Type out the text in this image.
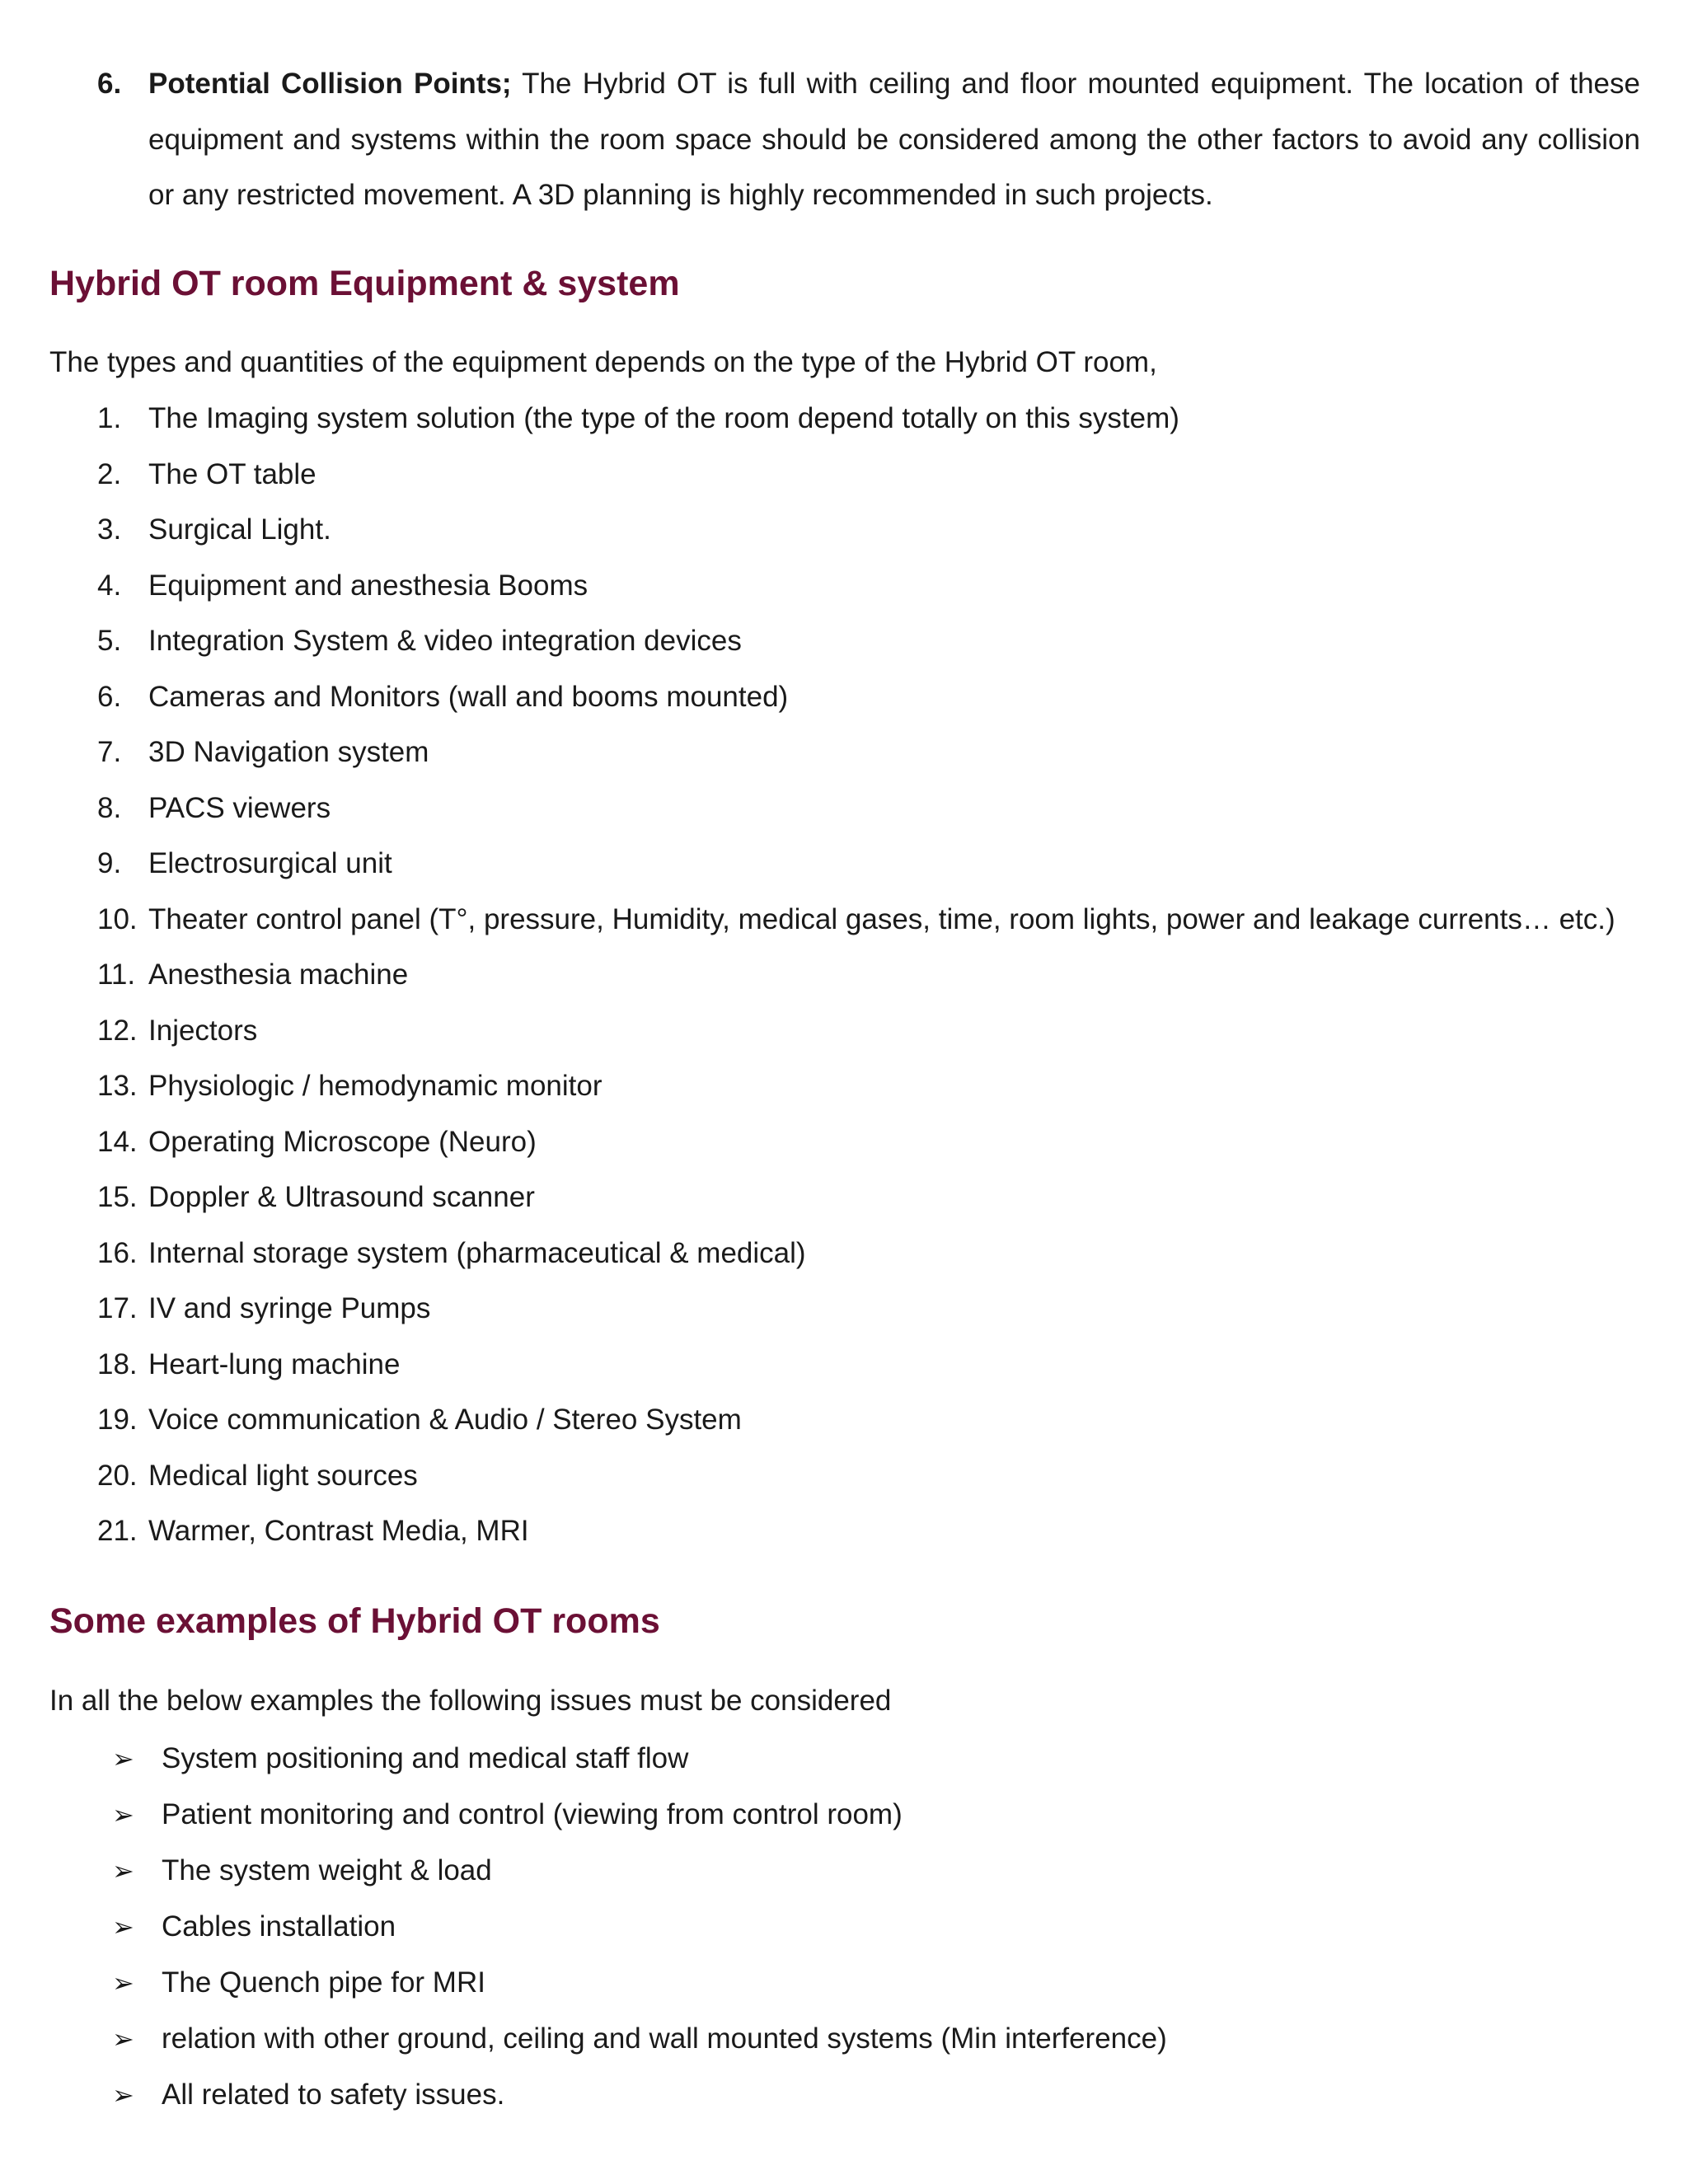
6. Potential Collision Points; The Hybrid OT is full with ceiling and floor mounted equipment. The location of these equipment and systems within the room space should be considered among the other factors to avoid any collision or any restricted movement. A 3D planning is highly recommended in such projects.
Hybrid OT room Equipment & system
The types and quantities of the equipment depends on the type of the Hybrid OT room,
1. The Imaging system solution (the type of the room depend totally on this system)
2. The OT table
3. Surgical Light.
4. Equipment and anesthesia Booms
5. Integration System & video integration devices
6. Cameras and Monitors (wall and booms mounted)
7. 3D Navigation system
8. PACS viewers
9. Electrosurgical unit
10. Theater control panel (T°, pressure, Humidity, medical gases, time, room lights, power and leakage currents… etc.)
11. Anesthesia machine
12. Injectors
13. Physiologic / hemodynamic monitor
14. Operating Microscope (Neuro)
15. Doppler & Ultrasound scanner
16. Internal storage system (pharmaceutical & medical)
17. IV and syringe Pumps
18. Heart-lung machine
19. Voice communication & Audio / Stereo System
20. Medical light sources
21. Warmer, Contrast Media, MRI
Some examples of Hybrid OT rooms
In all the below examples the following issues must be considered
➢ System positioning and medical staff flow
➢ Patient monitoring and control (viewing from control room)
➢ The system weight & load
➢ Cables installation
➢ The Quench pipe for MRI
➢ relation with other ground, ceiling and wall mounted systems (Min interference)
➢ All related to safety issues.
